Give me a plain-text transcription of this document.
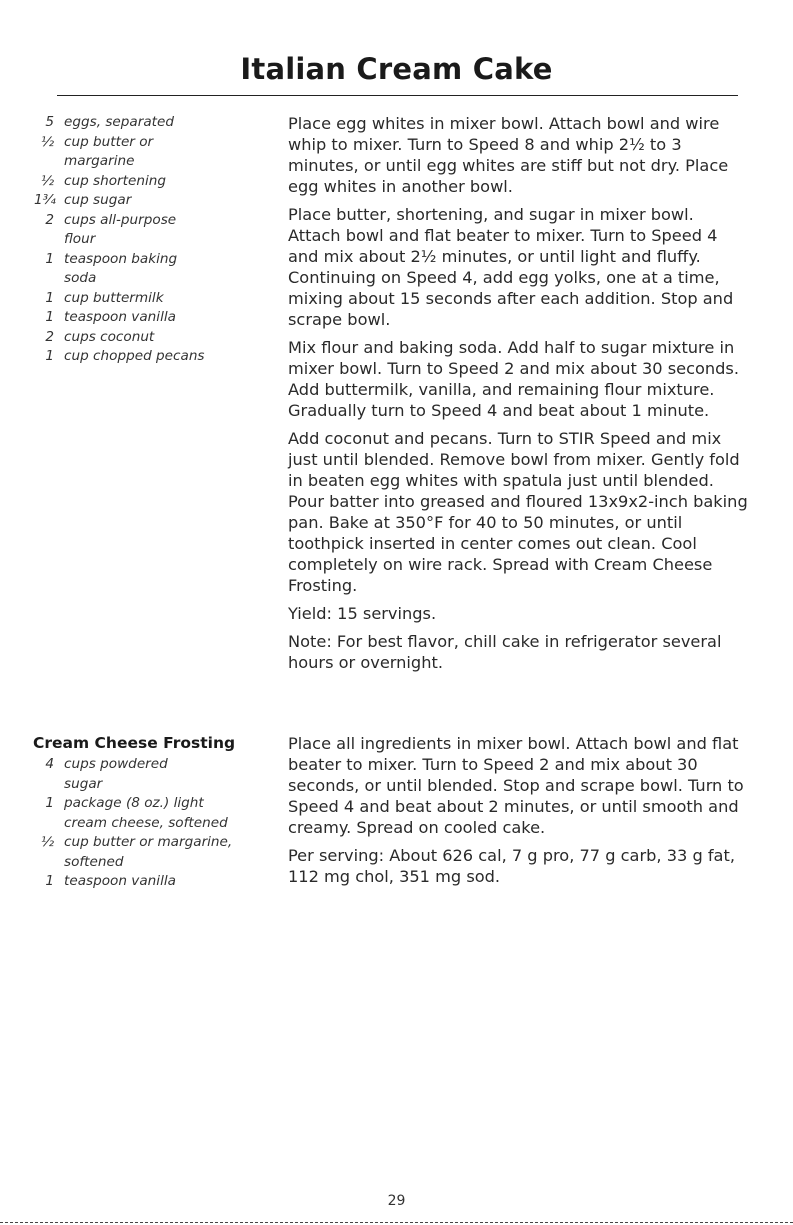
Italian Cream Cake
5 eggs, separated
½ cup butter or margarine
½ cup shortening
1¾ cup sugar
2 cups all-purpose flour
1 teaspoon baking soda
1 cup buttermilk
1 teaspoon vanilla
2 cups coconut
1 cup chopped pecans
Cream Cheese Frosting
4 cups powdered sugar
1 package (8 oz.) light cream cheese, softened
½ cup butter or margarine, softened
1 teaspoon vanilla

Place egg whites in mixer bowl. Attach bowl and wire whip to mixer. Turn to Speed 8 and whip 2½ to 3 minutes, or until egg whites are stiff but not dry. Place egg whites in another bowl.

Place butter, shortening, and sugar in mixer bowl. Attach bowl and flat beater to mixer. Turn to Speed 4 and mix about 2½ minutes, or until light and fluffy. Continuing on Speed 4, add egg yolks, one at a time, mixing about 15 seconds after each addition. Stop and scrape bowl.

Mix flour and baking soda. Add half to sugar mixture in mixer bowl. Turn to Speed 2 and mix about 30 seconds. Add buttermilk, vanilla, and remaining flour mixture. Gradually turn to Speed 4 and beat about 1 minute.

Add coconut and pecans. Turn to STIR Speed and mix just until blended. Remove bowl from mixer. Gently fold in beaten egg whites with spatula just until blended. Pour batter into greased and floured 13x9x2-inch baking pan. Bake at 350°F for 40 to 50 minutes, or until toothpick inserted in center comes out clean. Cool completely on wire rack. Spread with Cream Cheese Frosting.

Yield: 15 servings.

Note: For best flavor, chill cake in refrigerator several hours or overnight.

Place all ingredients in mixer bowl. Attach bowl and flat beater to mixer. Turn to Speed 2 and mix about 30 seconds, or until blended. Stop and scrape bowl. Turn to Speed 4 and beat about 2 minutes, or until smooth and creamy. Spread on cooled cake.

Per serving: About 626 cal, 7 g pro, 77 g carb, 33 g fat, 112 mg chol, 351 mg sod.

29
